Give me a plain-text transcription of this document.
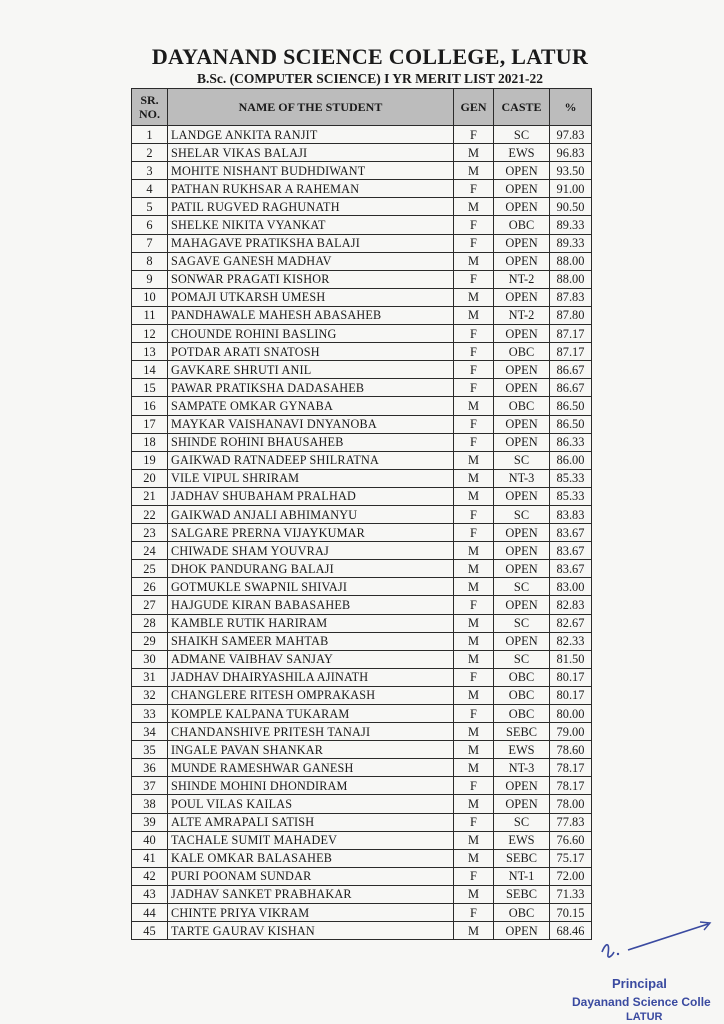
DAYANAND SCIENCE COLLEGE, LATUR
B.Sc. (COMPUTER SCIENCE) I YR MERIT LIST 2021-22
SR.
NO.	NAME OF THE STUDENT	GEN	CASTE	%
1	LANDGE ANKITA RANJIT	F	SC	97.83
2	SHELAR VIKAS BALAJI	M	EWS	96.83
3	MOHITE NISHANT BUDHDIWANT	M	OPEN	93.50
4	PATHAN RUKHSAR A RAHEMAN	F	OPEN	91.00
5	PATIL RUGVED RAGHUNATH	M	OPEN	90.50
6	SHELKE NIKITA VYANKAT	F	OBC	89.33
7	MAHAGAVE PRATIKSHA BALAJI	F	OPEN	89.33
8	SAGAVE GANESH MADHAV	M	OPEN	88.00
9	SONWAR PRAGATI KISHOR	F	NT-2	88.00
10	POMAJI UTKARSH UMESH	M	OPEN	87.83
11	PANDHAWALE MAHESH ABASAHEB	M	NT-2	87.80
12	CHOUNDE ROHINI BASLING	F	OPEN	87.17
13	POTDAR ARATI SNATOSH	F	OBC	87.17
14	GAVKARE SHRUTI ANIL	F	OPEN	86.67
15	PAWAR PRATIKSHA DADASAHEB	F	OPEN	86.67
16	SAMPATE OMKAR GYNABA	M	OBC	86.50
17	MAYKAR VAISHANAVI DNYANOBA	F	OPEN	86.50
18	SHINDE ROHINI BHAUSAHEB	F	OPEN	86.33
19	GAIKWAD RATNADEEP SHILRATNA	M	SC	86.00
20	VILE VIPUL SHRIRAM	M	NT-3	85.33
21	JADHAV SHUBAHAM PRALHAD	M	OPEN	85.33
22	GAIKWAD ANJALI ABHIMANYU	F	SC	83.83
23	SALGARE PRERNA VIJAYKUMAR	F	OPEN	83.67
24	CHIWADE SHAM YOUVRAJ	M	OPEN	83.67
25	DHOK PANDURANG BALAJI	M	OPEN	83.67
26	GOTMUKLE SWAPNIL SHIVAJI	M	SC	83.00
27	HAJGUDE KIRAN BABASAHEB	F	OPEN	82.83
28	KAMBLE RUTIK HARIRAM	M	SC	82.67
29	SHAIKH SAMEER MAHTAB	M	OPEN	82.33
30	ADMANE VAIBHAV SANJAY	M	SC	81.50
31	JADHAV DHAIRYASHILA AJINATH	F	OBC	80.17
32	CHANGLERE RITESH OMPRAKASH	M	OBC	80.17
33	KOMPLE KALPANA TUKARAM	F	OBC	80.00
34	CHANDANSHIVE PRITESH TANAJI	M	SEBC	79.00
35	INGALE PAVAN SHANKAR	M	EWS	78.60
36	MUNDE RAMESHWAR GANESH	M	NT-3	78.17
37	SHINDE MOHINI DHONDIRAM	F	OPEN	78.17
38	POUL VILAS KAILAS	M	OPEN	78.00
39	ALTE AMRAPALI SATISH	F	SC	77.83
40	TACHALE SUMIT MAHADEV	M	EWS	76.60
41	KALE OMKAR BALASAHEB	M	SEBC	75.17
42	PURI POONAM SUNDAR	F	NT-1	72.00
43	JADHAV SANKET PRABHAKAR	M	SEBC	71.33
44	CHINTE PRIYA VIKRAM	F	OBC	70.15
45	TARTE GAURAV KISHAN	M	OPEN	68.46
Principal
Dayanand Science Colle
LATUR
